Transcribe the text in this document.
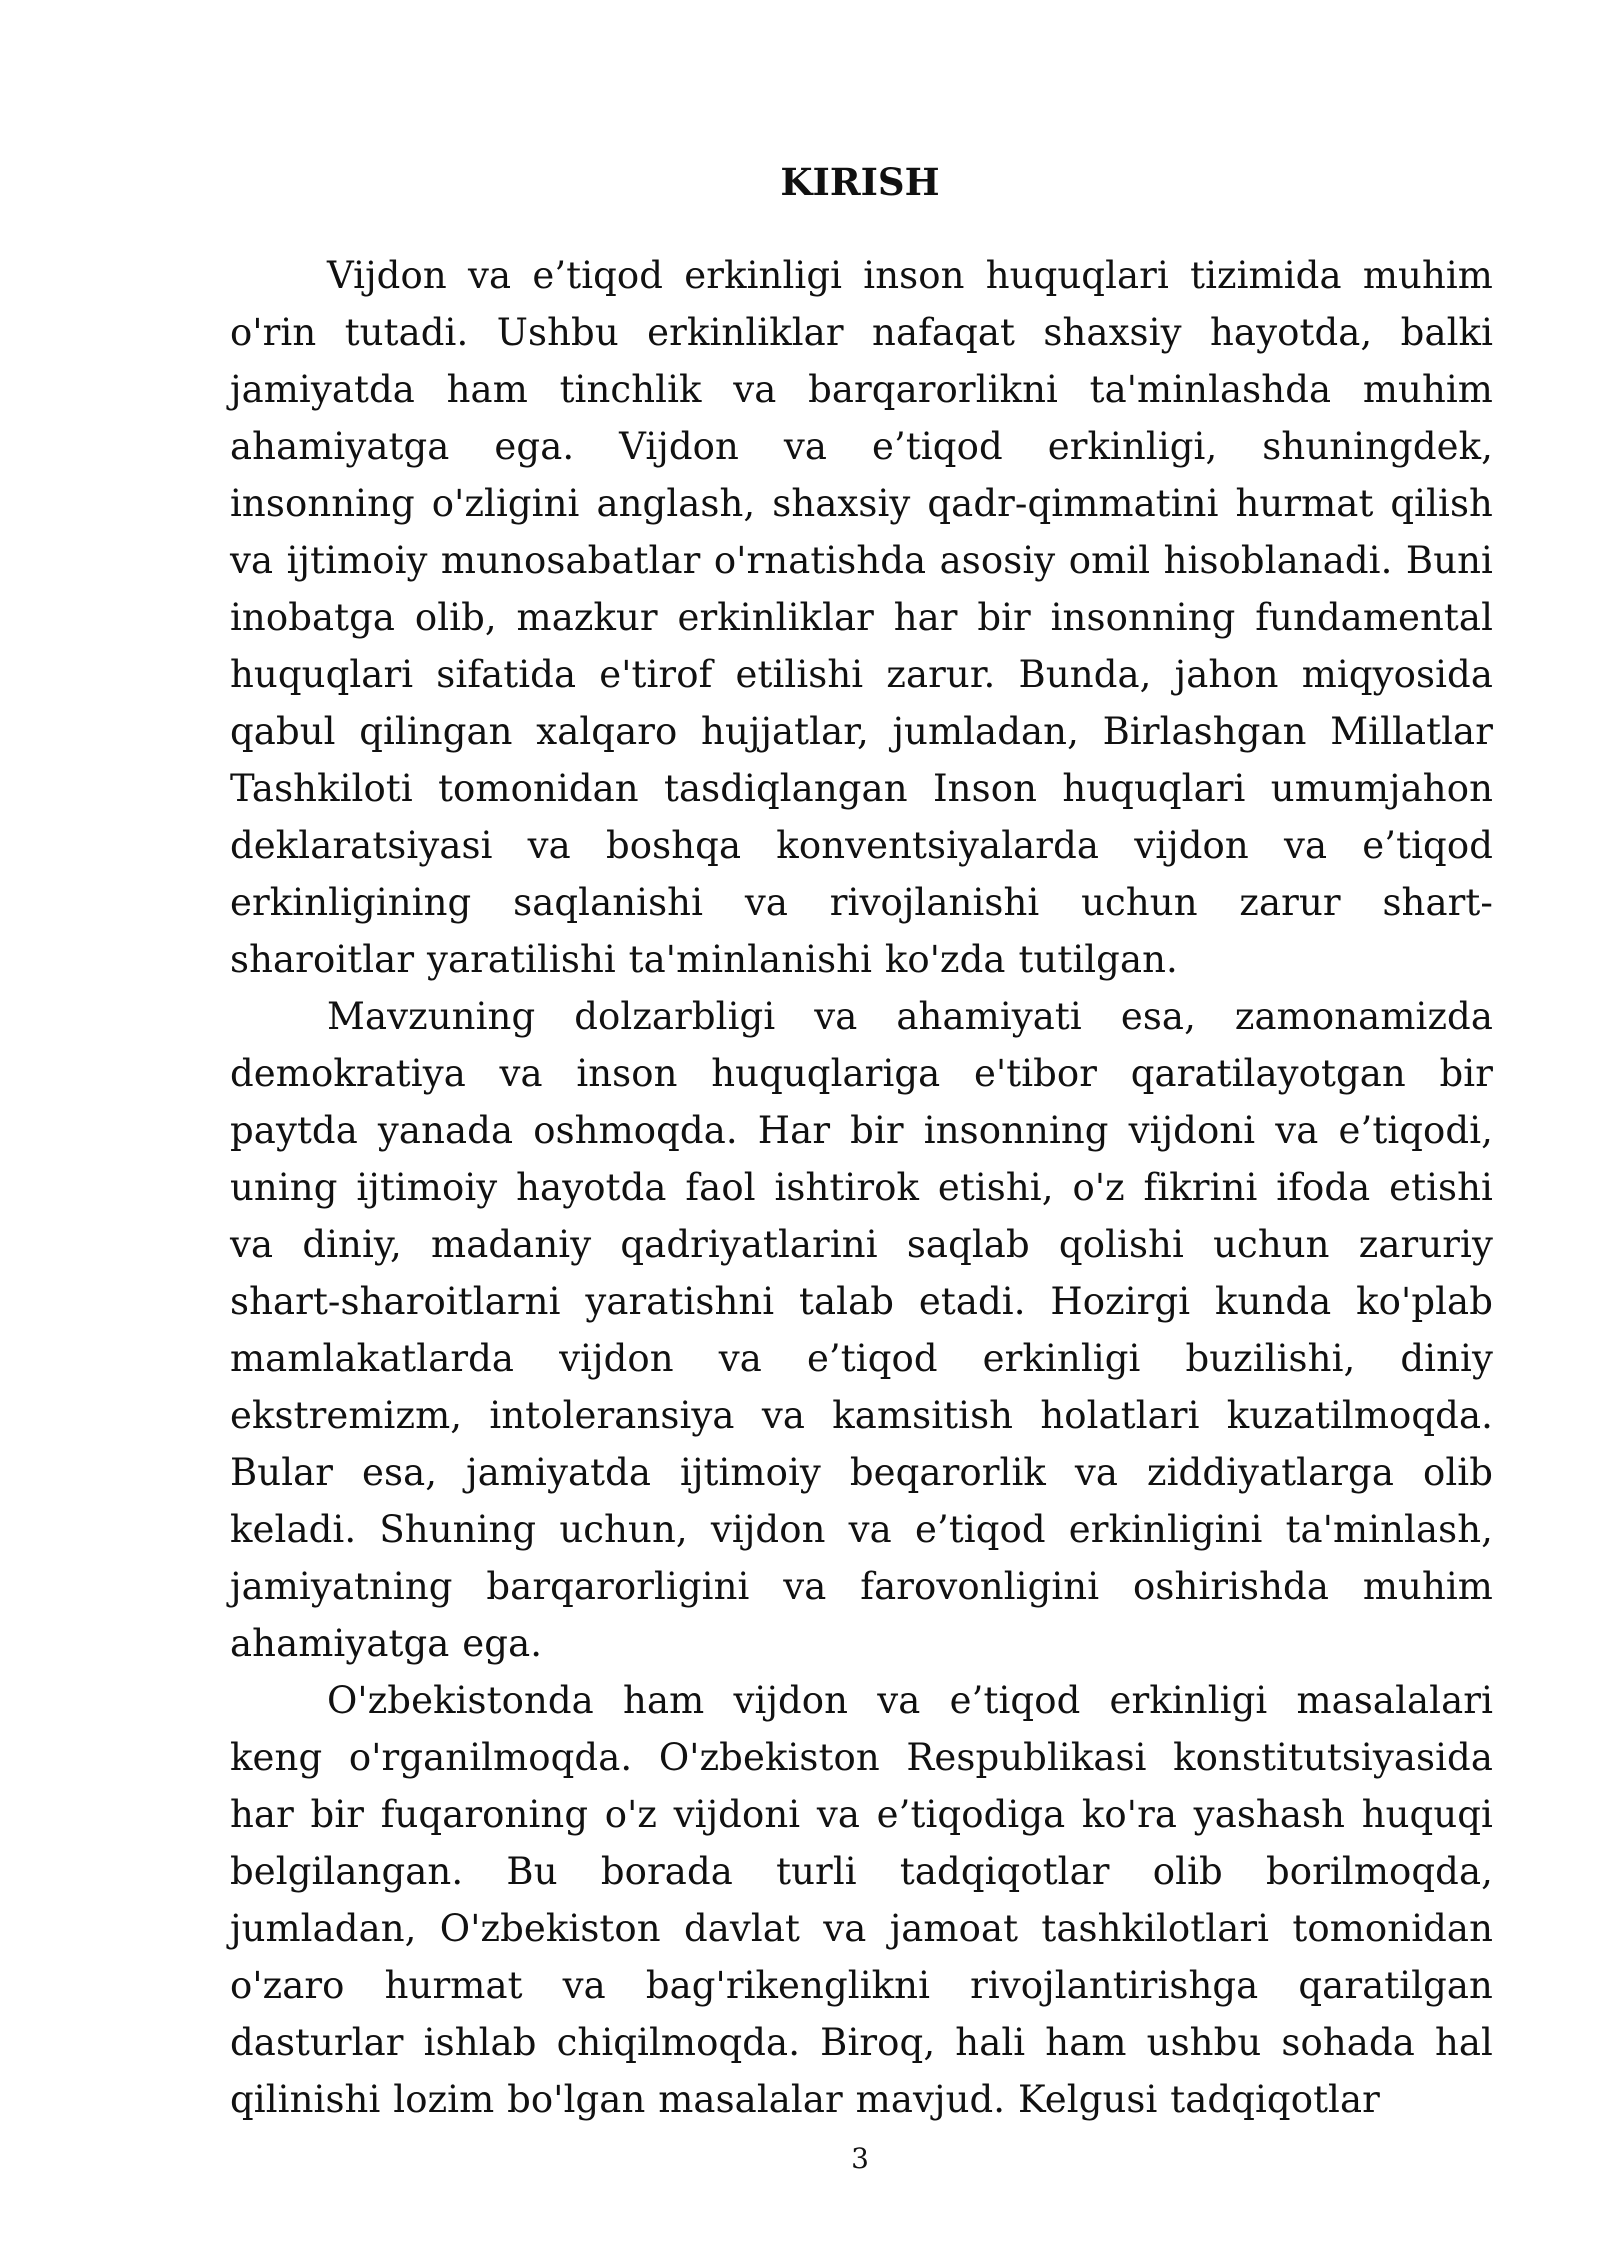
KIRISH

Vijdon va e’tiqod erkinligi inson huquqlari tizimida muhim o'rin tutadi. Ushbu erkinliklar nafaqat shaxsiy hayotda, balki jamiyatda ham tinchlik va barqarorlikni ta'minlashda muhim ahamiyatga ega. Vijdon va e’tiqod erkinligi, shuningdek, insonning o'zligini anglash, shaxsiy qadr-qimmatini hurmat qilish va ijtimoiy munosabatlar o'rnatishda asosiy omil hisoblanadi. Buni inobatga olib, mazkur erkinliklar har bir insonning fundamental huquqlari sifatida e'tirof etilishi zarur. Bunda, jahon miqyosida qabul qilingan xalqaro hujjatlar, jumladan, Birlashgan Millatlar Tashkiloti tomonidan tasdiqlangan Inson huquqlari umumjahon deklaratsiyasi va boshqa konventsiyalarda vijdon va e’tiqod erkinligining saqlanishi va rivojlanishi uchun zarur shart-sharoitlar yaratilishi ta'minlanishi ko'zda tutilgan.

Mavzuning dolzarbligi va ahamiyati esa, zamonamizda demokratiya va inson huquqlariga e'tibor qaratilayotgan bir paytda yanada oshmoqda. Har bir insonning vijdoni va e’tiqodi, uning ijtimoiy hayotda faol ishtirok etishi, o'z fikrini ifoda etishi va diniy, madaniy qadriyatlarini saqlab qolishi uchun zaruriy shart-sharoitlarni yaratishni talab etadi. Hozirgi kunda ko'plab mamlakatlarda vijdon va e’tiqod erkinligi buzilishi, diniy ekstremizm, intoleransiya va kamsitish holatlari kuzatilmoqda. Bular esa, jamiyatda ijtimoiy beqarorlik va ziddiyatlarga olib keladi. Shuning uchun, vijdon va e’tiqod erkinligini ta'minlash, jamiyatning barqarorligini va farovonligini oshirishda muhim ahamiyatga ega.

O'zbekistonda ham vijdon va e’tiqod erkinligi masalalari keng o'rganilmoqda. O'zbekiston Respublikasi konstitutsiyasida har bir fuqaroning o'z vijdoni va e’tiqodiga ko'ra yashash huquqi belgilangan. Bu borada turli tadqiqotlar olib borilmoqda, jumladan, O'zbekiston davlat va jamoat tashkilotlari tomonidan o'zaro hurmat va bag'rikenglikni rivojlantirishga qaratilgan dasturlar ishlab chiqilmoqda. Biroq, hali ham ushbu sohada hal qilinishi lozim bo'lgan masalalar mavjud. Kelgusi tadqiqotlar

3
